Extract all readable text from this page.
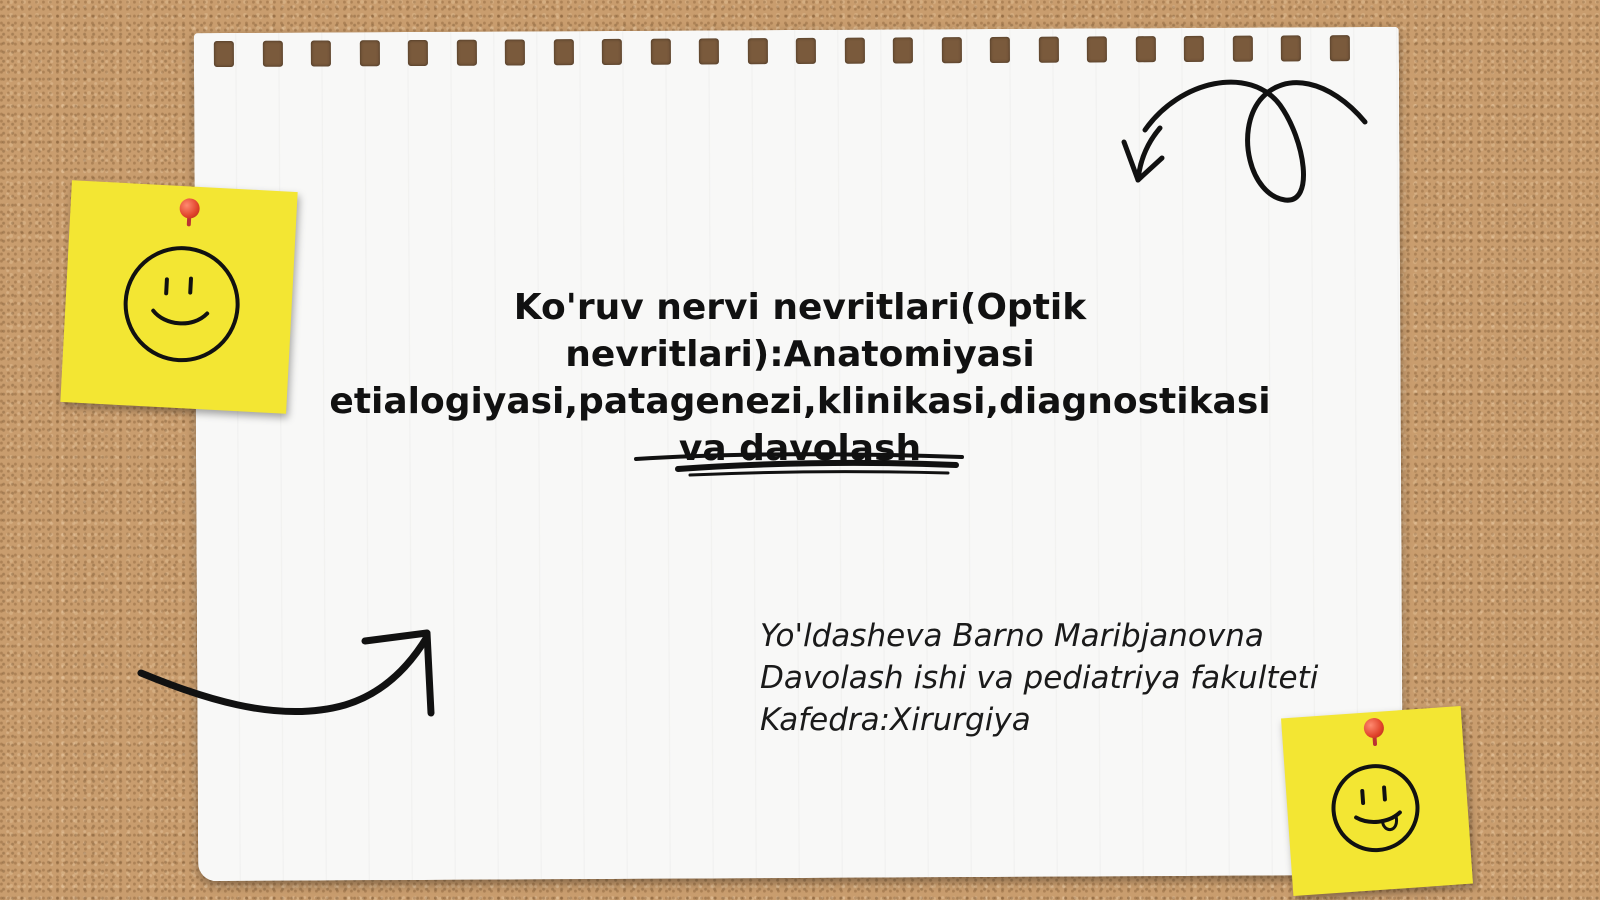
Ko'ruv nervi nevritlari(Optik nevritlari):Anatomiyasi etialogiyasi,patagenezi,klinikasi,diagnostikasi va davolash
Yo'ldasheva Barno Maribjanovna
Davolash ishi va pediatriya fakulteti
Kafedra:Xirurgiya
